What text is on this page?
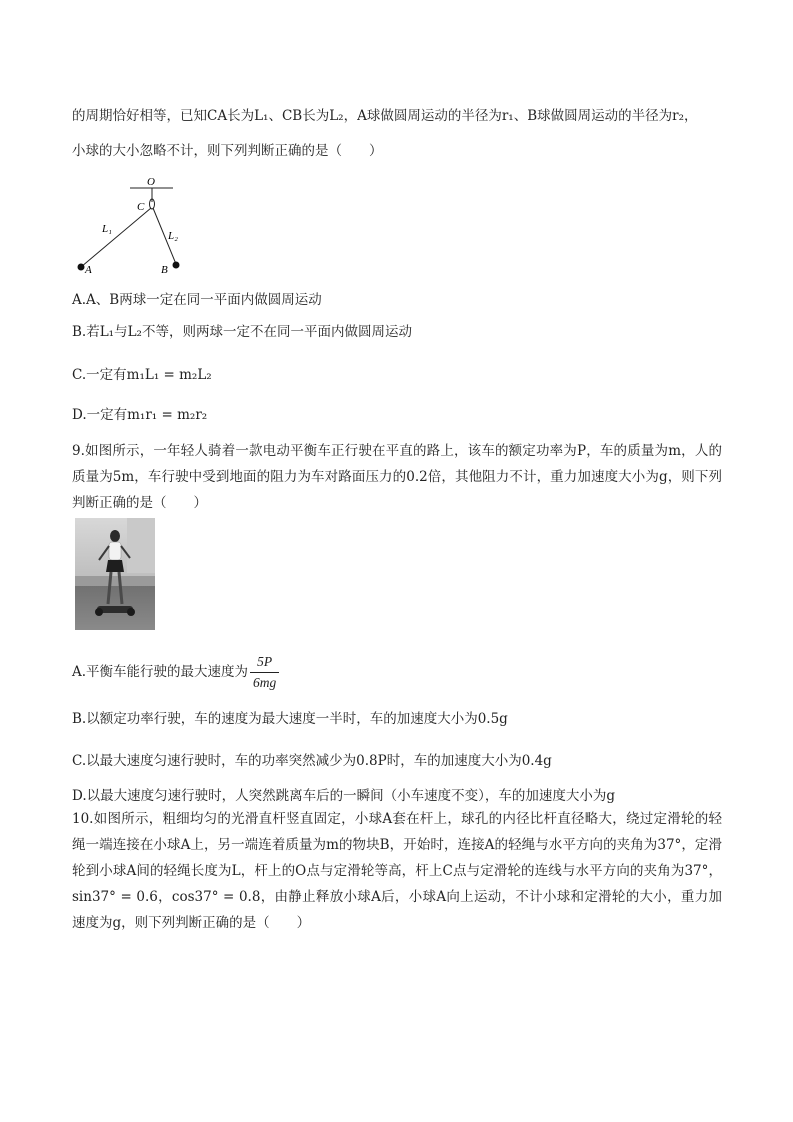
的周期恰好相等，已知CA长为L₁、CB长为L₂，A球做圆周运动的半径为r₁、B球做圆周运动的半径为r₂，
小球的大小忽略不计，则下列判断正确的是（　　）
O
C
L₁
L₂
A	B
A.A、B两球一定在同一平面内做圆周运动
B.若L₁与L₂不等，则两球一定不在同一平面内做圆周运动
C.一定有m₁L₁ = m₂L₂
D.一定有m₁r₁ = m₂r₂
9.如图所示，一年轻人骑着一款电动平衡车正行驶在平直的路上，该车的额定功率为P，车的质量为m，人的质量为5m，车行驶中受到地面的阻力为车对路面压力的0.2倍，其他阻力不计，重力加速度大小为g，则下列判断正确的是（　　）
A.平衡车能行驶的最大速度为 $\frac{5P}{6mg}$
B.以额定功率行驶，车的速度为最大速度一半时，车的加速度大小为0.5g
C.以最大速度匀速行驶时，车的功率突然减少为0.8P时，车的加速度大小为0.4g
D.以最大速度匀速行驶时，人突然跳离车后的一瞬间（小车速度不变），车的加速度大小为g
10.如图所示，粗细均匀的光滑直杆竖直固定，小球A套在杆上，球孔的内径比杆直径略大，绕过定滑轮的轻绳一端连接在小球A上，另一端连着质量为m的物块B，开始时，连接A的轻绳与水平方向的夹角为37°，定滑轮到小球A间的轻绳长度为L，杆上的O点与定滑轮等高，杆上C点与定滑轮的连线与水平方向的夹角为37°，sin37° = 0.6，cos37° = 0.8，由静止释放小球A后，小球A向上运动，不计小球和定滑轮的大小，重力加速度为g，则下列判断正确的是（　　）
